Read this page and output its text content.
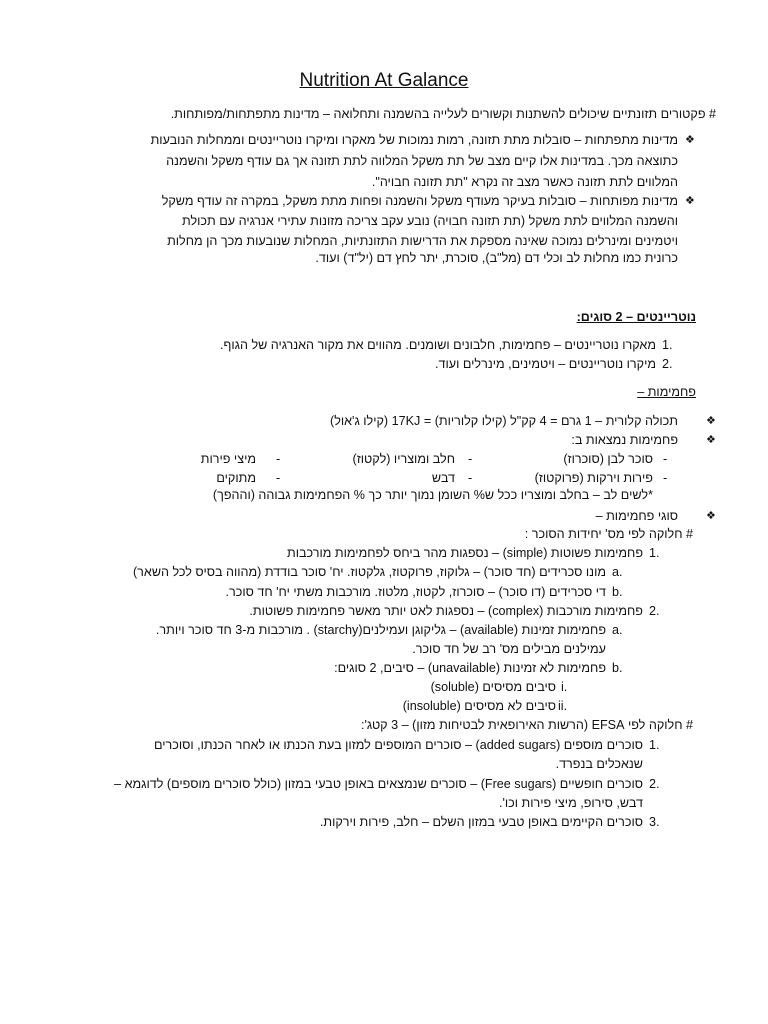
Nutrition At Galance
# פקטורים תזונתיים שיכולים להשתנות וקשורים לעלייה בהשמנה ותחלואה – מדינות מתפתחות/מפותחות.
❖
מדינות מתפתחות – סובלות מתת תזונה, רמות נמוכות של מאקרו ומיקרו נוטריינטים וממחלות הנובעות
כתוצאה מכך. במדינות אלו קיים מצב של תת משקל המלווה לתת תזונה אך גם עודף משקל והשמנה
המלווים לתת תזונה כאשר מצב זה נקרא "תת תזונה חבויה".
❖
מדינות מפותחות – סובלות בעיקר מעודף משקל והשמנה ופחות מתת משקל, במקרה זה עודף משקל
והשמנה המלווים לתת משקל (תת תזונה חבויה) נובע עקב צריכה מזונות עתירי אנרגיה עם תכולת
ויטמינים ומינרלים נמוכה שאינה מספקת את הדרישות התזונתיות, המחלות שנובעות מכך הן מחלות
כרונית כמו מחלות לב וכלי דם (מל"ב), סוכרת, יתר לחץ דם (יל"ד) ועוד.
נוטריינטים – 2 סוגים:
1.
מאקרו נוטריינטים – פחמימות, חלבונים ושומנים. מהווים את מקור האנרגיה של הגוף.
2.
מיקרו נוטריינטים – ויטמינים, מינרלים ועוד.
פחמימות –
❖
תכולה קלורית – 1 גרם = 4 קק"ל (קילו קלוריות) = 17KJ (קילו ג'אול)
❖
פחמימות נמצאות ב:
-
סוכר לבן (סוכרוז)
-
חלב ומוצריו (לקטוז)
-
מיצי פירות
-
פירות וירקות (פרוקטוז)
-
דבש
-
מתוקים
*לשים לב – בחלב ומוצריו ככל ש% השומן נמוך יותר כך % הפחמימות גבוהה (וההפך)
❖
סוגי פחמימות –
# חלוקה לפי מס' יחידות הסוכר :
1.
פחמימות פשוטות (simple) – נספגות מהר ביחס לפחמימות מורכבות
a.
מונו סכרידים (חד סוכר) – גלוקוז, פרוקטוז, גלקטוז. יח' סוכר בודדת (מהווה בסיס לכל השאר)
b.
די סכרידים (דו סוכר) – סוכרוז, לקטוז, מלטוז. מורכבות משתי יח' חד סוכר.
2.
פחמימות מורכבות (complex) – נספגות לאט יותר מאשר פחמימות פשוטות.
a.
פחמימות זמינות (available) – גליקוגן ועמילנים(starchy) . מורכבות מ-3 חד סוכר ויותר.
עמילנים מבילים מס' רב של חד סוכר.
b.
פחמימות לא זמינות (unavailable) – סיבים, 2 סוגים:
i.
סיבים מסיסים (soluble)
ii.
סיבים לא מסיסים (insoluble)
# חלוקה לפי EFSA (הרשות האירופאית לבטיחות מזון) – 3 קטג':
1.
סוכרים מוספים (added sugars) – סוכרים המוספים למזון בעת הכנתו או לאחר הכנתו, וסוכרים
שנאכלים בנפרד.
2.
סוכרים חופשיים (Free sugars) – סוכרים שנמצאים באופן טבעי במזון (כולל סוכרים מוספים) לדוגמא –
דבש, סירופ, מיצי פירות וכו'.
3.
סוכרים הקיימים באופן טבעי במזון השלם – חלב, פירות וירקות.
